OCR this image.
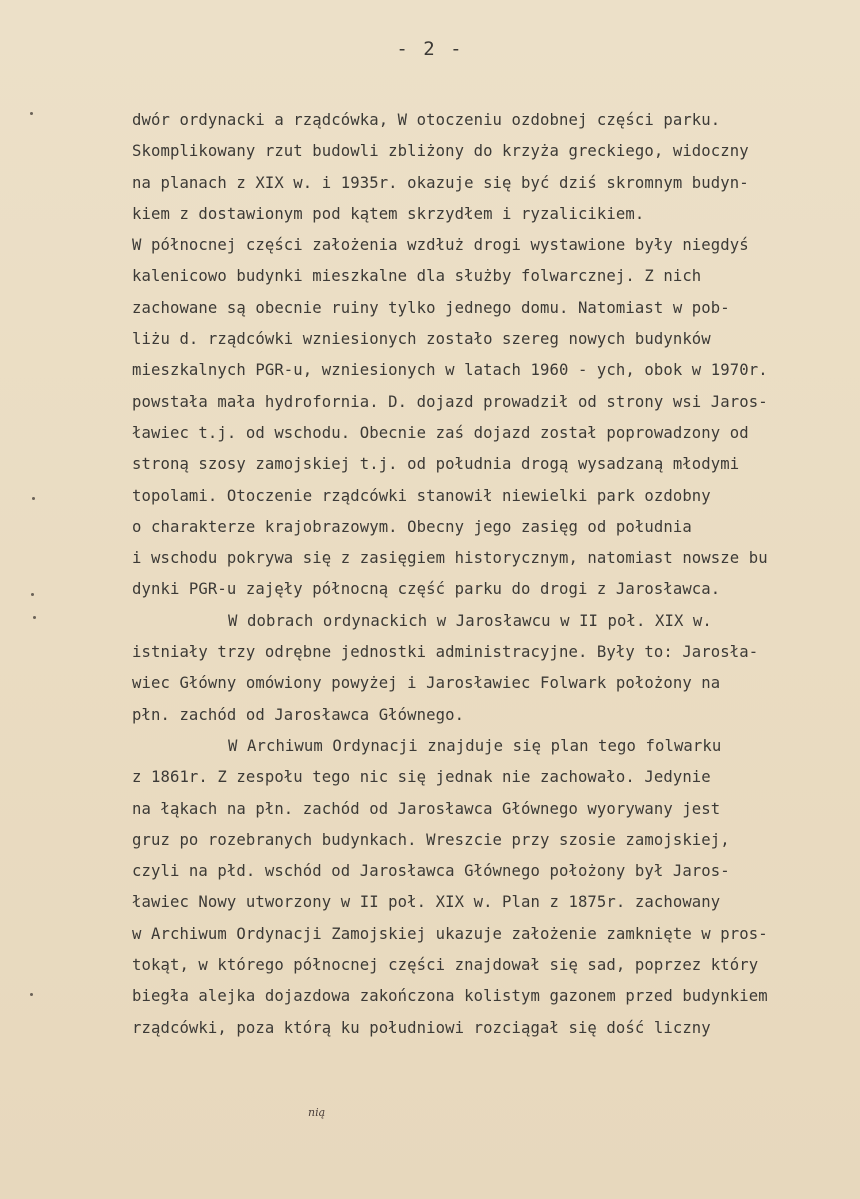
- 2 -
nią
dwór ordynacki a rządcówka, W otoczeniu ozdobnej części parku.
Skomplikowany rzut budowli zbliżony do krzyża greckiego, widoczny
na planach z XIX w. i 1935r. okazuje się być dziś skromnym budyn-
kiem z dostawionym pod kątem skrzydłem i ryzalicikiem.
W północnej części założenia wzdłuż drogi wystawione były niegdyś
kalenicowo budynki mieszkalne dla służby folwarcznej. Z nich
zachowane są obecnie ruiny tylko jednego domu. Natomiast w pob-
liżu d. rządcówki wzniesionych zostało szereg nowych budynków
mieszkalnych PGR-u, wzniesionych w latach 1960 - ych, obok w 1970r.
powstała mała hydrofornia. D. dojazd prowadził od strony wsi Jaros-
ławiec t.j. od wschodu. Obecnie zaś dojazd został poprowadzony od
stroną szosy zamojskiej t.j. od południa drogą wysadzaną młodymi
topolami. Otoczenie rządcówki stanowił niewielki park ozdobny
o charakterze krajobrazowym. Obecny jego zasięg od południa
i wschodu pokrywa się z zasięgiem historycznym, natomiast nowsze bu
dynki PGR-u zajęły północną część parku do drogi z Jarosławca.
W dobrach ordynackich w Jarosławcu w II poł. XIX w.
istniały trzy odrębne jednostki administracyjne. Były to: Jarosła-
wiec Główny omówiony powyżej i Jarosławiec Folwark położony na
płn. zachód od Jarosławca Głównego.
W Archiwum Ordynacji znajduje się plan tego folwarku
z 1861r. Z zespołu tego nic się jednak nie zachowało. Jedynie
na łąkach na płn. zachód od Jarosławca Głównego wyorywany jest
gruz po rozebranych budynkach. Wreszcie przy szosie zamojskiej,
czyli na płd. wschód od Jarosławca Głównego położony był Jaros-
ławiec Nowy utworzony w II poł. XIX w. Plan z 1875r. zachowany
w Archiwum Ordynacji Zamojskiej ukazuje założenie zamknięte w pros-
tokąt, w którego północnej części znajdował się sad, poprzez który
biegła alejka dojazdowa zakończona kolistym gazonem przed budynkiem
rządcówki, poza którą ku południowi rozciągał się dość liczny
